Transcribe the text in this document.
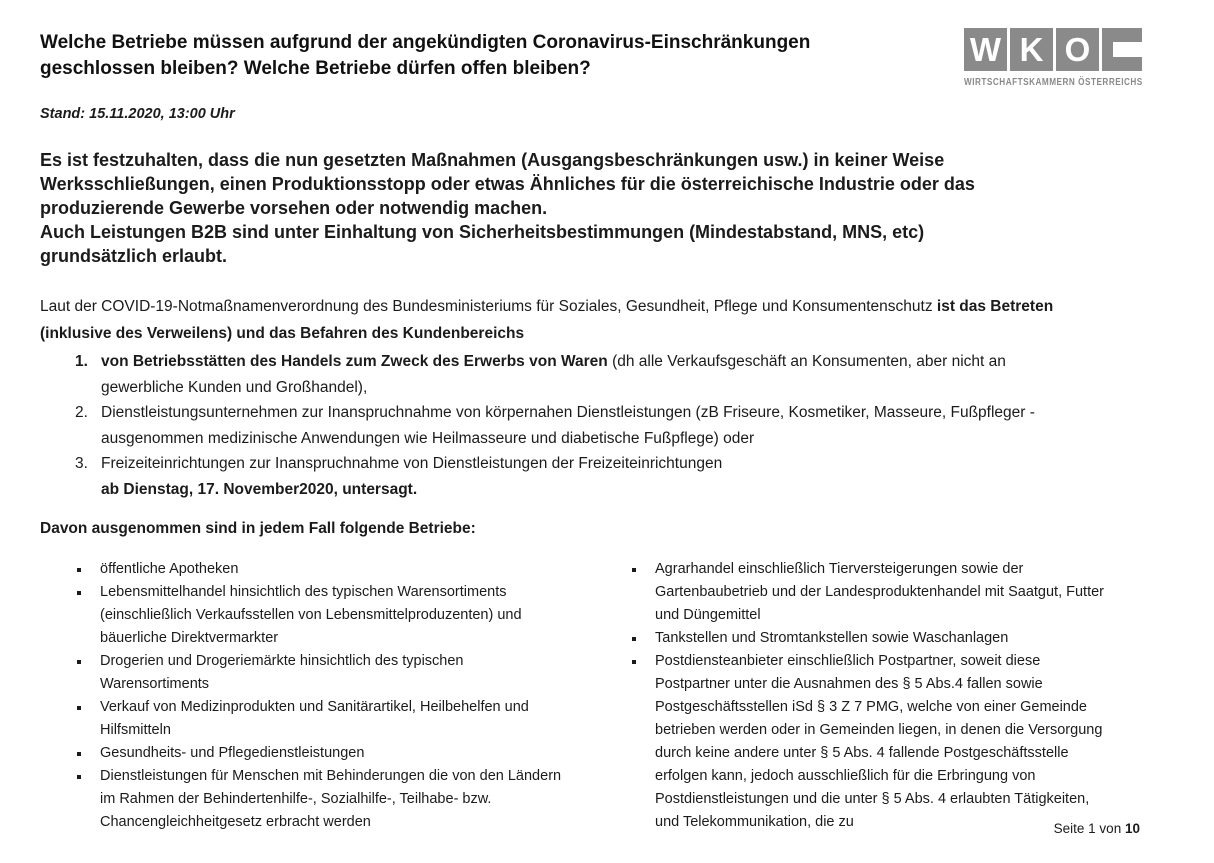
W K O
WIRTSCHAFTSKAMMERN ÖSTERREICHS
Welche Betriebe müssen aufgrund der angekündigten Coronavirus-Einschränkungen geschlossen bleiben? Welche Betriebe dürfen offen bleiben?
Stand: 15.11.2020, 13:00 Uhr

Es ist festzuhalten, dass die nun gesetzten Maßnahmen (Ausgangsbeschränkungen usw.) in keiner Weise Werksschließungen, einen Produktionsstopp oder etwas Ähnliches für die österreichische Industrie oder das produzierende Gewerbe vorsehen oder notwendig machen.

Auch Leistungen B2B sind unter Einhaltung von Sicherheitsbestimmungen (Mindestabstand, MNS, etc) grundsätzlich erlaubt.

Laut der COVID-19-Notmaßnamenverordnung des Bundesministeriums für Soziales, Gesundheit, Pflege und Konsumentenschutz ist das Betreten (inklusive des Verweilens) und das Befahren des Kundenbereichs
1. von Betriebsstätten des Handels zum Zweck des Erwerbs von Waren (dh alle Verkaufsgeschäft an Konsumenten, aber nicht an gewerbliche Kunden und Großhandel),
2. Dienstleistungsunternehmen zur Inanspruchnahme von körpernahen Dienstleistungen (zB Friseure, Kosmetiker, Masseure, Fußpfleger - ausgenommen medizinische Anwendungen wie Heilmasseure und diabetische Fußpflege) oder
3. Freizeiteinrichtungen zur Inanspruchnahme von Dienstleistungen der Freizeiteinrichtungen
ab Dienstag, 17. November2020, untersagt.
Davon ausgenommen sind in jedem Fall folgende Betriebe:
öffentliche Apotheken
Lebensmittelhandel hinsichtlich des typischen Warensortiments (einschließlich Verkaufsstellen von Lebensmittelproduzenten) und bäuerliche Direktvermarkter
Drogerien und Drogeriemärkte hinsichtlich des typischen Warensortiments
Verkauf von Medizinprodukten und Sanitärartikel, Heilbehelfen und Hilfsmitteln
Gesundheits- und Pflegedienstleistungen
Dienstleistungen für Menschen mit Behinderungen die von den Ländern im Rahmen der Behindertenhilfe-, Sozialhilfe-, Teilhabe- bzw. Chancengleichheitgesetz erbracht werden
Agrarhandel einschließlich Tierversteigerungen sowie der Gartenbaubetrieb und der Landesproduktenhandel mit Saatgut, Futter und Düngemittel
Tankstellen und Stromtankstellen sowie Waschanlagen
Postdiensteanbieter einschließlich Postpartner, soweit diese Postpartner unter die Ausnahmen des § 5 Abs.4 fallen sowie Postgeschäftsstellen iSd § 3 Z 7 PMG, welche von einer Gemeinde betrieben werden oder in Gemeinden liegen, in denen die Versorgung durch keine andere unter § 5 Abs. 4 fallende Postgeschäftsstelle erfolgen kann, jedoch ausschließlich für die Erbringung von Postdienstleistungen und die unter § 5 Abs. 4 erlaubten Tätigkeiten, und Telekommunikation, die zu	Seite 1 von 10
